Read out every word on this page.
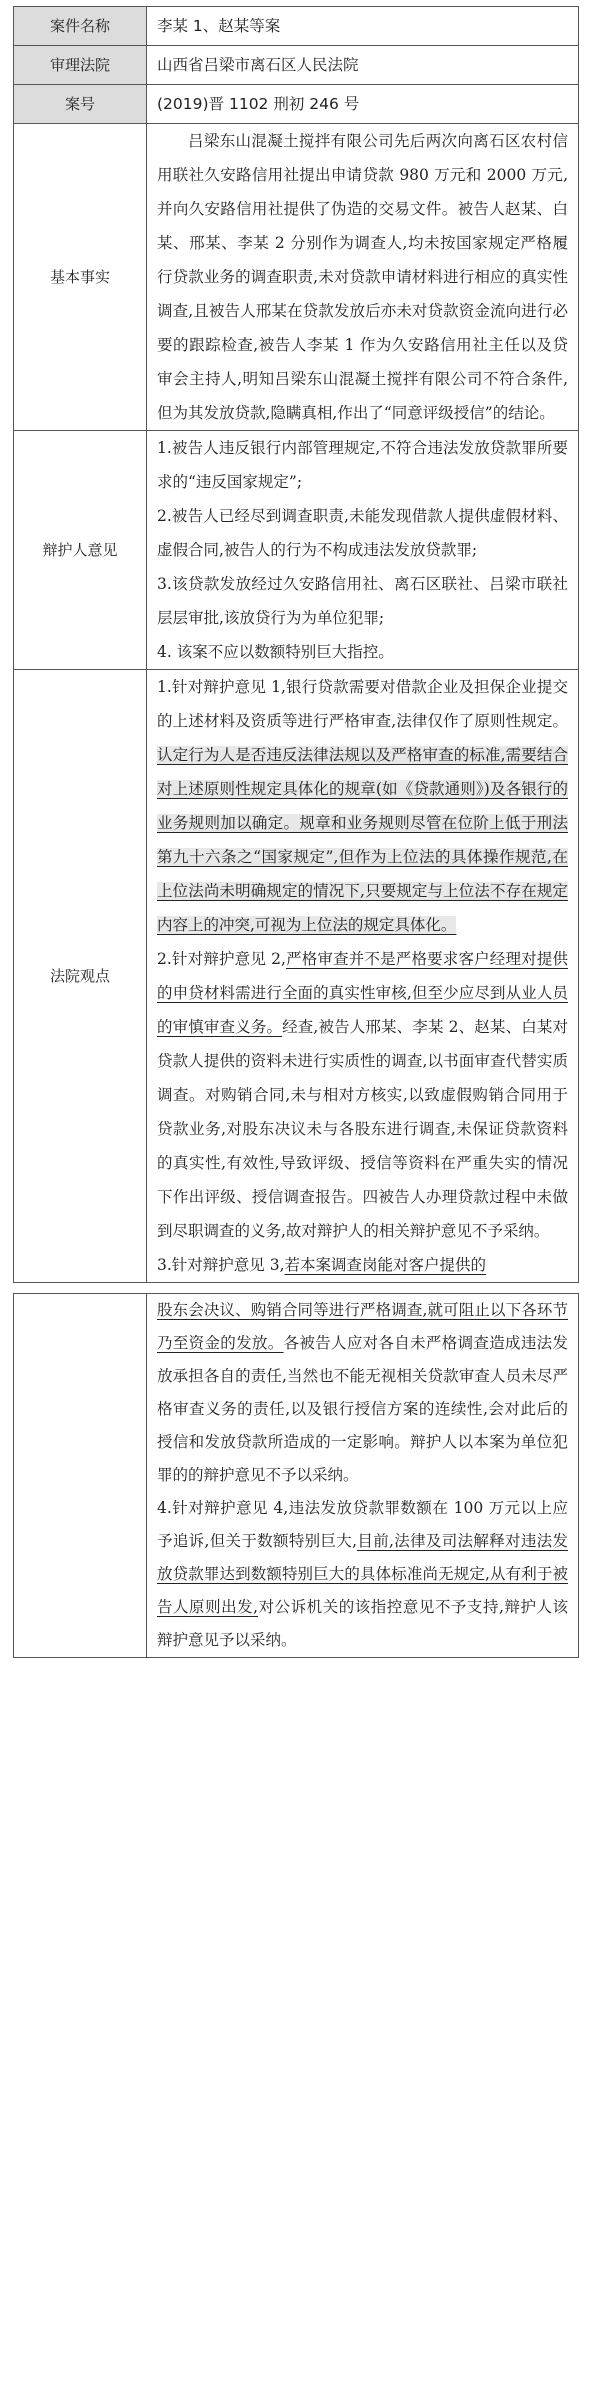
案件名称	李某 1、赵某等案
审理法院	山西省吕梁市离石区人民法院
案号	(2019)晋 1102 刑初 246 号
基本事实	吕梁东山混凝土搅拌有限公司先后两次向离石区农村信用联社久安路信用社提出申请贷款 980 万元和 2000 万元,并向久安路信用社提供了伪造的交易文件。被告人赵某、白某、邢某、李某 2 分别作为调查人,均未按国家规定严格履行贷款业务的调查职责,未对贷款申请材料进行相应的真实性调查,且被告人邢某在贷款发放后亦未对贷款资金流向进行必要的跟踪检查,被告人李某 1 作为久安路信用社主任以及贷审会主持人,明知吕梁东山混凝土搅拌有限公司不符合条件,但为其发放贷款,隐瞒真相,作出了“同意评级授信”的结论。

辩护人意见	1.被告人违反银行内部管理规定,不符合违法发放贷款罪所要求的“违反国家规定”;

2.被告人已经尽到调查职责,未能发现借款人提供虚假材料、虚假合同,被告人的行为不构成违法发放贷款罪;

3.该贷款发放经过久安路信用社、离石区联社、吕梁市联社层层审批,该放贷行为为单位犯罪;

4. 该案不应以数额特别巨大指控。

法院观点	1.针对辩护意见 1,银行贷款需要对借款企业及担保企业提交的上述材料及资质等进行严格审查,法律仅作了原则性规定。认定行为人是否违反法律法规以及严格审查的标准,需要结合对上述原则性规定具体化的规章(如《贷款通则》)及各银行的业务规则加以确定。规章和业务规则尽管在位阶上低于刑法第九十六条之“国家规定”,但作为上位法的具体操作规范,在上位法尚未明确规定的情况下,只要规定与上位法不存在规定内容上的冲突,可视为上位法的规定具体化。

2.针对辩护意见 2,严格审查并不是严格要求客户经理对提供的申贷材料需进行全面的真实性审核,但至少应尽到从业人员的审慎审查义务。经查,被告人邢某、李某 2、赵某、白某对贷款人提供的资料未进行实质性的调查,以书面审查代替实质调查。对购销合同,未与相对方核实,以致虚假购销合同用于贷款业务,对股东决议未与各股东进行调查,未保证贷款资料的真实性,有效性,导致评级、授信等资料在严重失实的情况下作出评级、授信调查报告。四被告人办理贷款过程中未做到尽职调查的义务,故对辩护人的相关辩护意见不予采纳。

3.针对辩护意见 3,若本案调查岗能对客户提供的

	股东会决议、购销合同等进行严格调查,就可阻止以下各环节乃至资金的发放。各被告人应对各自未严格调查造成违法发放承担各自的责任,当然也不能无视相关贷款审查人员未尽严格审查义务的责任,以及银行授信方案的连续性,会对此后的授信和发放贷款所造成的一定影响。辩护人以本案为单位犯罪的的辩护意见不予以采纳。

4.针对辩护意见 4,违法发放贷款罪数额在 100 万元以上应予追诉,但关于数额特别巨大,目前,法律及司法解释对违法发放贷款罪达到数额特别巨大的具体标准尚无规定,从有利于被告人原则出发,对公诉机关的该指控意见不予支持,辩护人该辩护意见予以采纳。
